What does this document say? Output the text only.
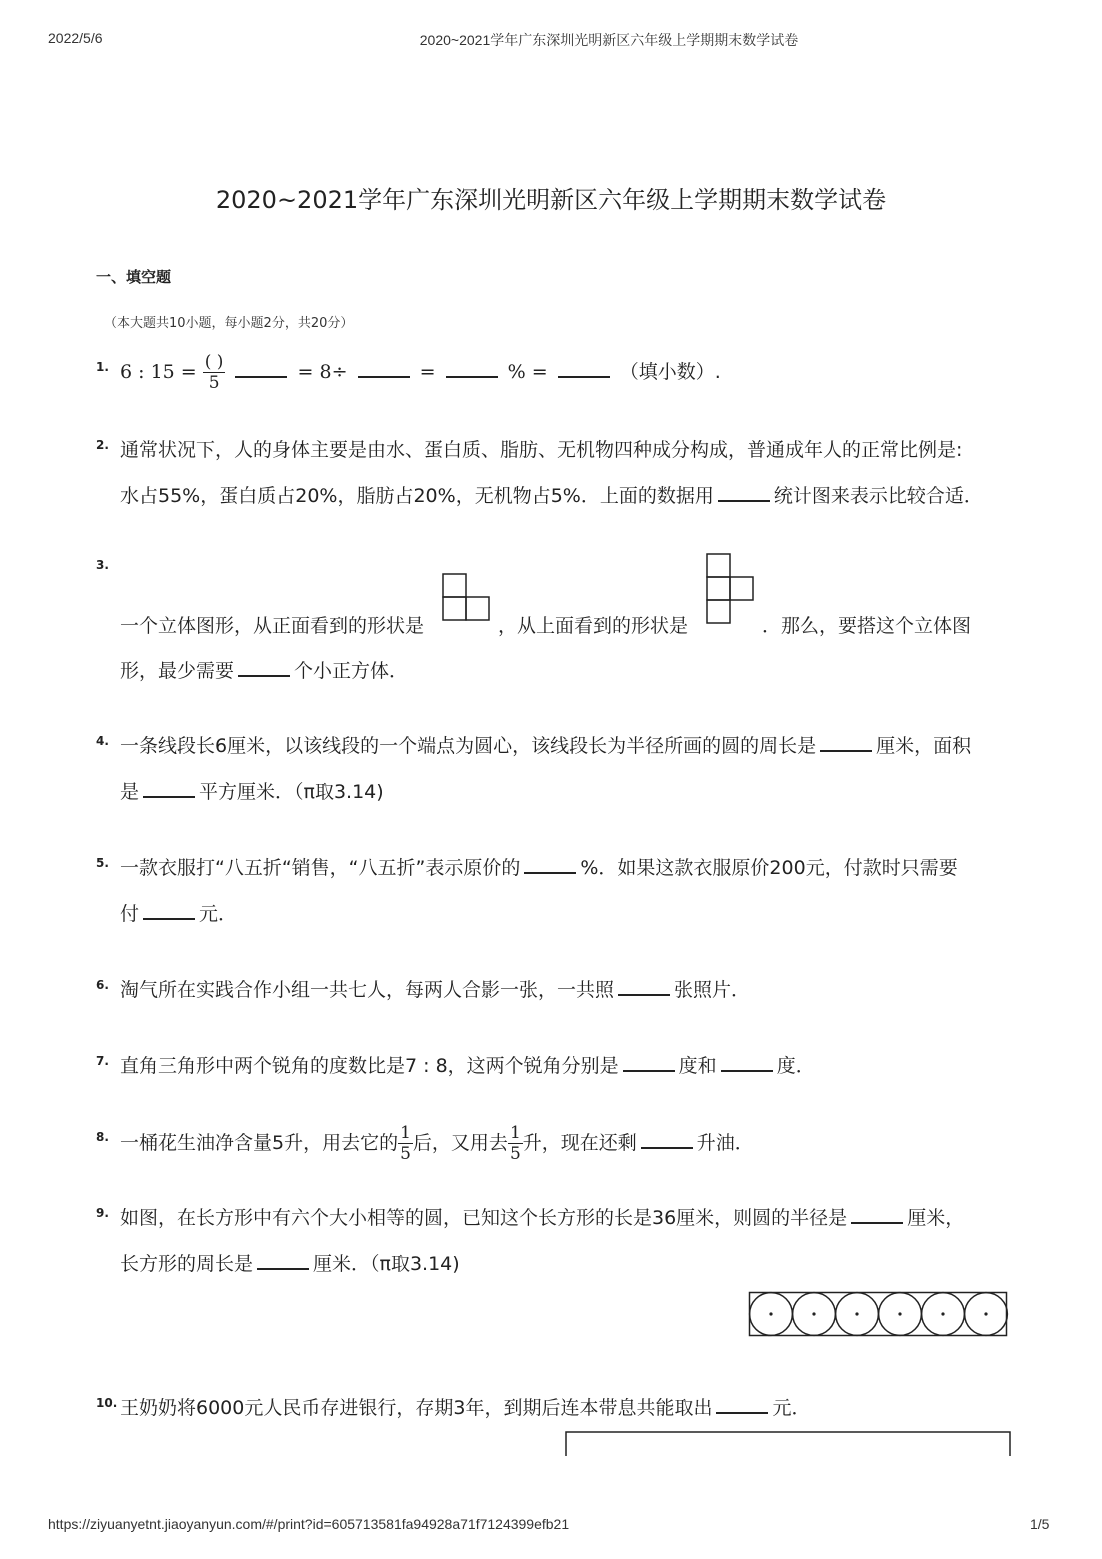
2022/5/6	2020~2021学年广东深圳光明新区六年级上学期期末数学试卷
2020~2021学年广东深圳光明新区六年级上学期期末数学试卷
一、填空题
（本大题共10小题，每小题2分，共20分）
1. 6 : $15 = \frac{( )}{5}$	= 8÷	=	% =	（填小数）.
2. 通常状况下，人的身体主要是由水、蛋白质、脂肪、无机物四种成分构成，普通成年人的正常比例是:
水占55%，蛋白质占20%，脂肪占20%，无机物占5%．上面的数据用	统计图来表示比较合适．
3.
一个立体图形，从正面看到的形状是	，从上面看到的形状是	．那么，要搭这个立体图
形，最少需要	个小正方体．
4. 一条线段长6厘米，以该线段的一个端点为圆心，该线段长为半径所画的圆的周长是	厘米，面积
是	平方厘米．（π取3.14)
5. 一款衣服打“八五折“销售，“八五折”表示原价的	%．如果这款衣服原价200元，付款时只需要
付	元．
6. 淘气所在实践合作小组一共七人，每两人合影一张，一共照	张照片．
7. 直角三角形中两个锐角的度数比是7 : 8，这两个锐角分别是	度和	度．
8. 一桶花生油净含量5升，用去它的 $\frac{1}{5}$ 后，又用去 $\frac{1}{5}$ 升，现在还剩	升油．
9. 如图，在长方形中有六个大小相等的圆，已知这个长方形的长是36厘米，则圆的半径是	厘米，
长方形的周长是	厘米．（π取3.14)
10. 王奶奶将6000元人民币存进银行，存期3年，到期后连本带息共能取出	元．
https://ziyuanyetnt.jiaoyanyun.com/#/print?id=605713581fa94928a71f7124399efb21	1/5
